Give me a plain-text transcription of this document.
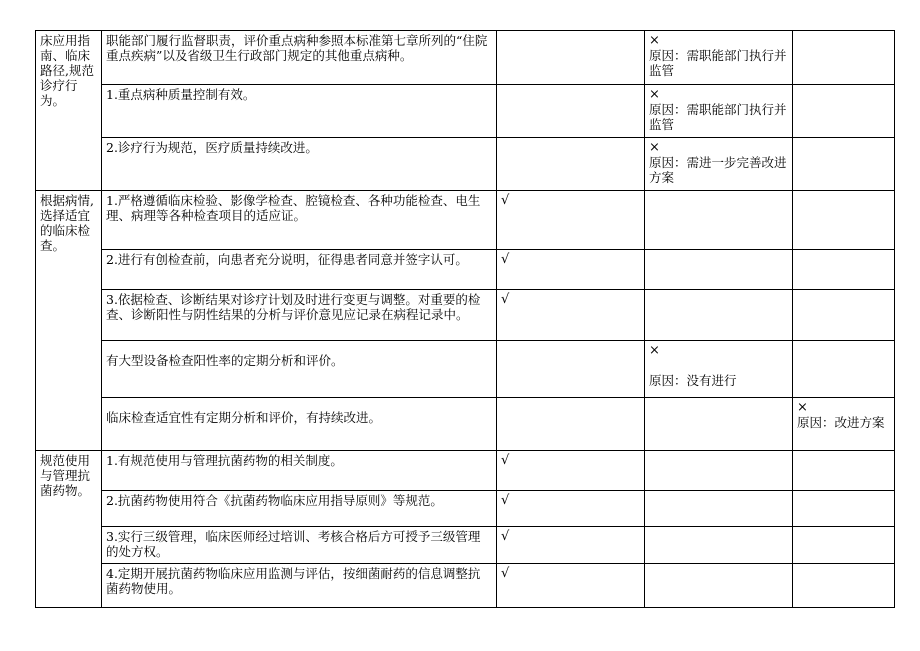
床应用指南、临床路径,规范诊疗行为。	职能部门履行监督职责，评价重点病种参照本标准第七章所列的“住院重点疾病”以及省级卫生行政部门规定的其他重点病种。		×
原因：需职能部门执行并监管	

	1.重点病种质量控制有效。		×
原因：需职能部门执行并监管	

	2.诊疗行为规范，医疗质量持续改进。		×
原因：需进一步完善改进方案	

根据病情,选择适宜的临床检查。	1.严格遵循临床检验、影像学检查、腔镜检查、各种功能检查、电生理、病理等各种检查项目的适应证。	√		

	2.进行有创检查前，向患者充分说明，征得患者同意并签字认可。	√		

	3.依据检查、诊断结果对诊疗计划及时进行变更与调整。对重要的检查、诊断阳性与阴性结果的分析与评价意见应记录在病程记录中。	√		

	有大型设备检查阳性率的定期分析和评价。		×
原因：没有进行	

	临床检查适宜性有定期分析和评价，有持续改进。			×
原因：改进方案

规范使用与管理抗菌药物。	1.有规范使用与管理抗菌药物的相关制度。	√		

	2.抗菌药物使用符合《抗菌药物临床应用指导原则》等规范。	√		

	3.实行三级管理，临床医师经过培训、考核合格后方可授予三级管理的处方权。	√		

	4.定期开展抗菌药物临床应用监测与评估，按细菌耐药的信息调整抗菌药物使用。	√		
